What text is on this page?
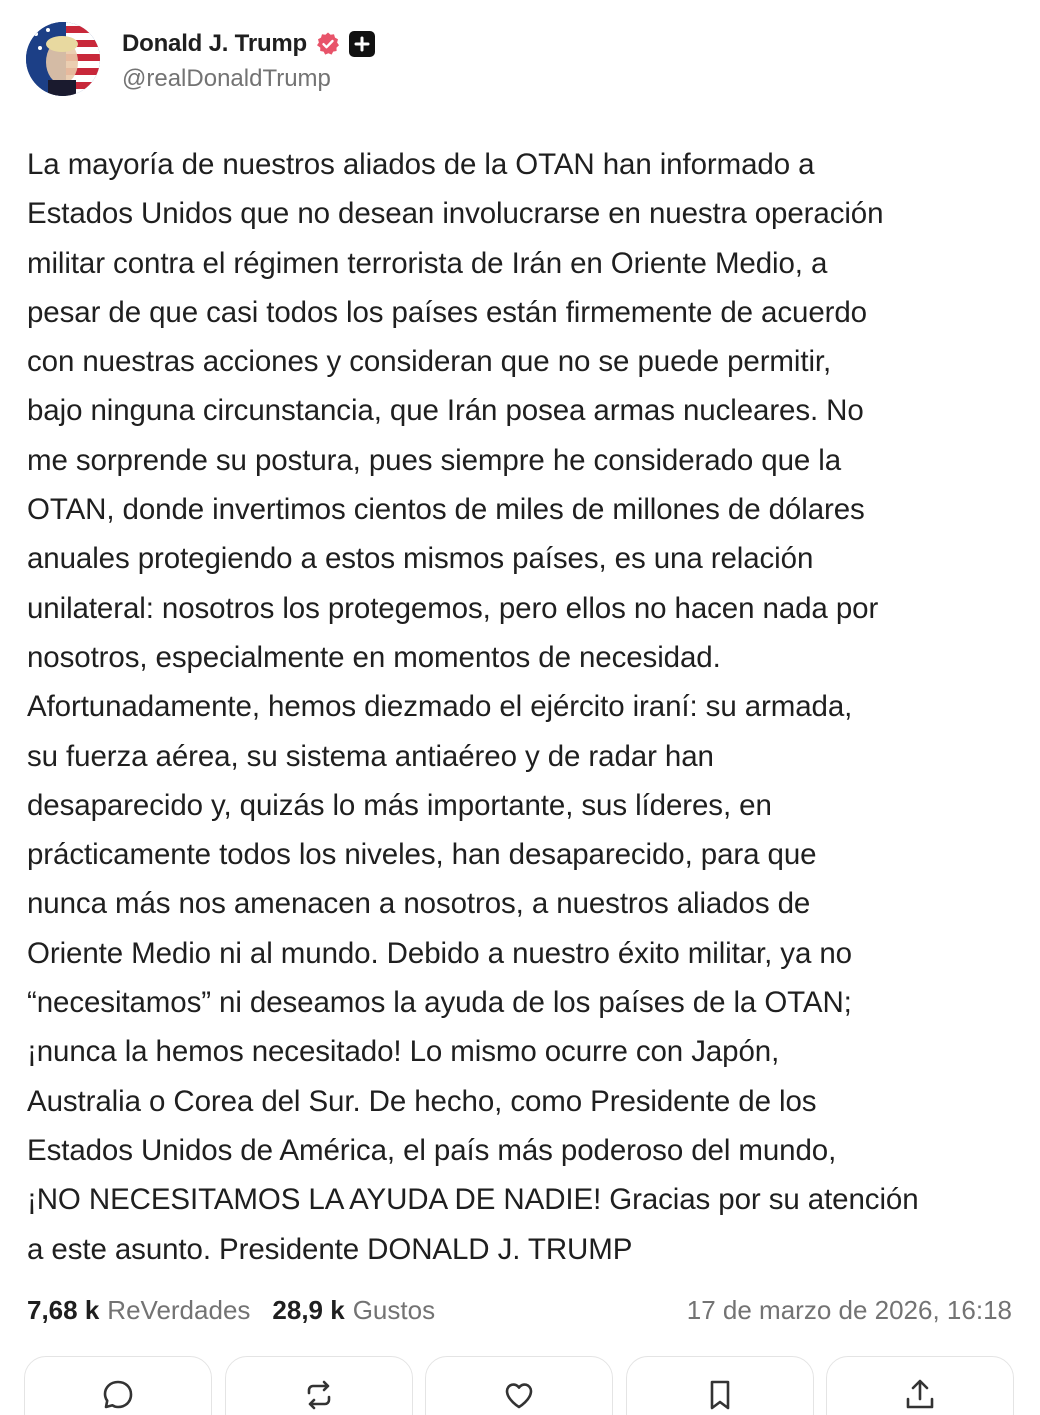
Donald J. Trump
@realDonaldTrump

La mayoría de nuestros aliados de la OTAN han informado a

Estados Unidos que no desean involucrarse en nuestra operación

militar contra el régimen terrorista de Irán en Oriente Medio, a

pesar de que casi todos los países están firmemente de acuerdo

con nuestras acciones y consideran que no se puede permitir,

bajo ninguna circunstancia, que Irán posea armas nucleares. No

me sorprende su postura, pues siempre he considerado que la

OTAN, donde invertimos cientos de miles de millones de dólares

anuales protegiendo a estos mismos países, es una relación

unilateral: nosotros los protegemos, pero ellos no hacen nada por

nosotros, especialmente en momentos de necesidad.

Afortunadamente, hemos diezmado el ejército iraní: su armada,

su fuerza aérea, su sistema antiaéreo y de radar han

desaparecido y, quizás lo más importante, sus líderes, en

prácticamente todos los niveles, han desaparecido, para que

nunca más nos amenacen a nosotros, a nuestros aliados de

Oriente Medio ni al mundo. Debido a nuestro éxito militar, ya no

“necesitamos” ni deseamos la ayuda de los países de la OTAN;

¡nunca la hemos necesitado! Lo mismo ocurre con Japón,

Australia o Corea del Sur. De hecho, como Presidente de los

Estados Unidos de América, el país más poderoso del mundo,

¡NO NECESITAMOS LA AYUDA DE NADIE! Gracias por su atención

a este asunto. Presidente DONALD J. TRUMP

7,68 k ReVerdades 28,9 k Gustos	17 de marzo de 2026, 16:18
